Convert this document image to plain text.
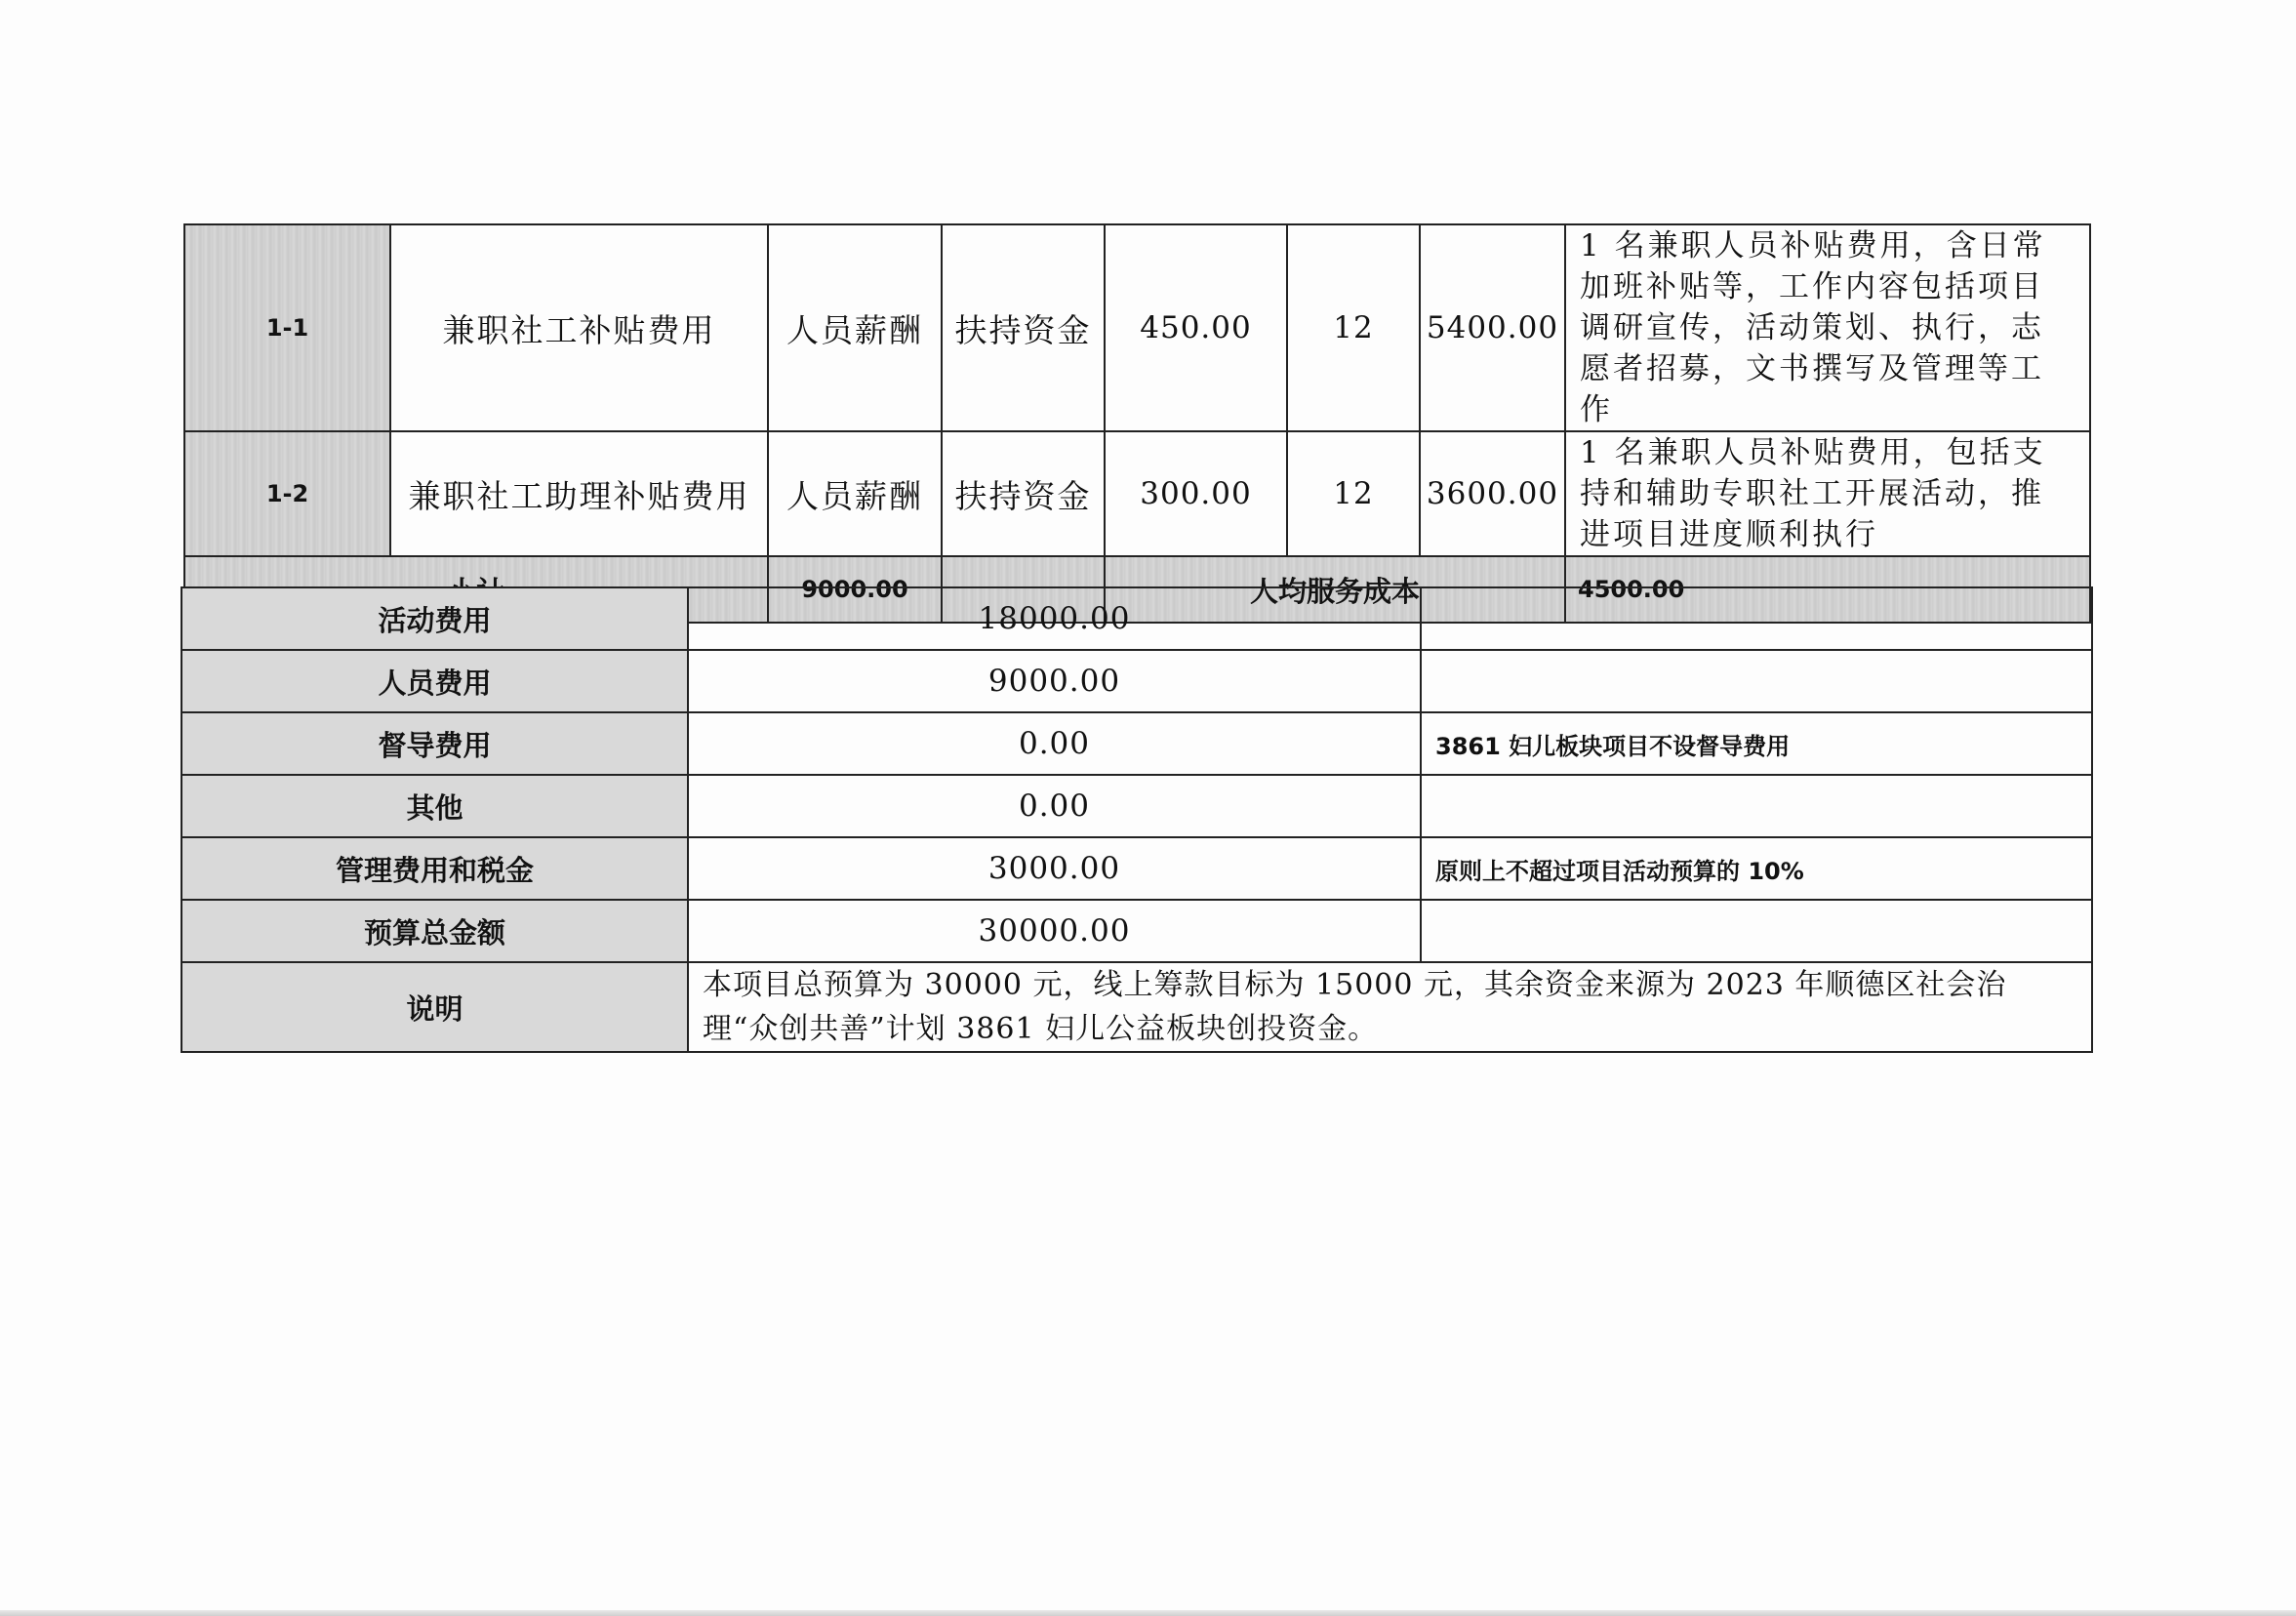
1-1	兼职社工补贴费用	人员薪酬	扶持资金	450.00	12	5400.00	1 名兼职人员补贴费用，含日常加班补贴等，工作内容包括项目调研宣传，活动策划、执行，志愿者招募，文书撰写及管理等工作
1-2	兼职社工助理补贴费用	人员薪酬	扶持资金	300.00	12	3600.00	1 名兼职人员补贴费用，包括支持和辅助专职社工开展活动，推进项目进度顺利执行
	9000.00		人均服务成本			4500.00
活动费用	18000.00	
人员费用	9000.00	
督导费用	0.00	3861 妇儿板块项目不设督导费用
其他	0.00	
管理费用和税金	3000.00	原则上不超过项目活动预算的 10%
预算总金额	30000.00	
说明	本项目总预算为 30000 元，线上筹款目标为 15000 元，其余资金来源为 2023 年顺德区社会治理“众创共善”计划 3861 妇儿公益板块创投资金。	
